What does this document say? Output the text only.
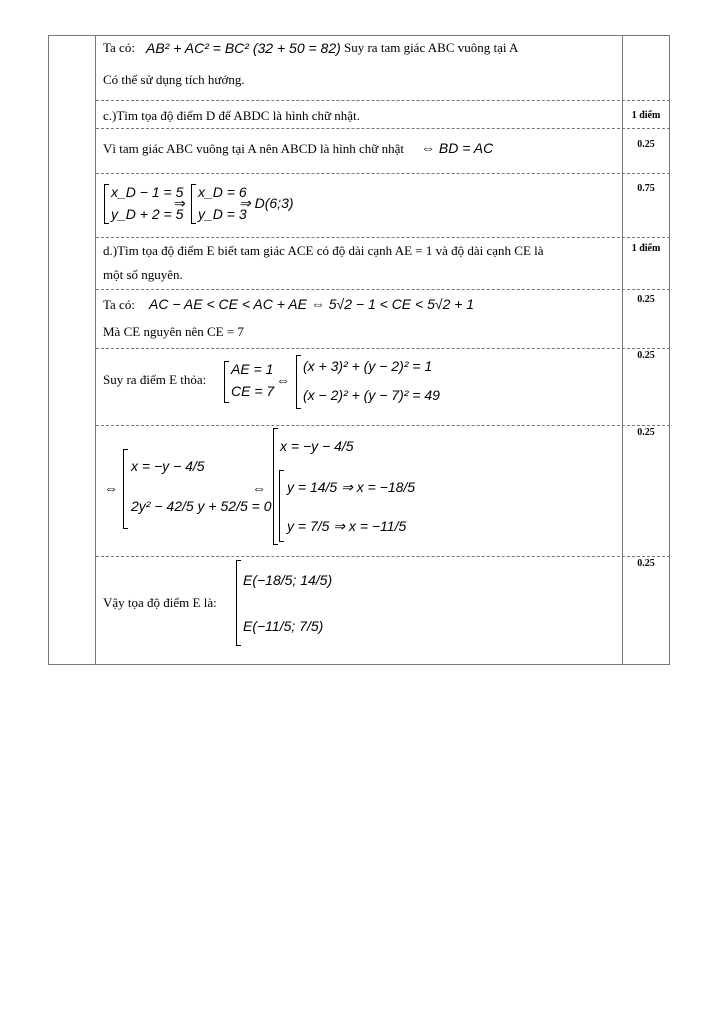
Ta có: AB² + AC² = BC² (32 + 50 = 82) Suy ra tam giác ABC vuông tại A
Có thể sử dụng tích hướng.
c.)Tìm tọa độ điểm D để ABDC là hình chữ nhật.	1 điểm
Vì tam giác ABC vuông tại A nên ABCD là hình chữ nhật ⇔ BD = AC	0.25
x_D − 1 = 5
y_D + 2 = 5
⇒
x_D = 6
y_D = 3
⇒ D(6;3)
0.75
d.)Tìm tọa độ điểm E biết tam giác ACE có độ dài cạnh AE = 1 và độ dài cạnh CE là
một số nguyên.
1 điểm
Ta có: AC − AE < CE < AC + AE ⇔ 5√2 − 1 < CE < 5√2 + 1
Mà CE nguyên nên CE = 7
0.25
Suy ra điểm E thỏa:
AE = 1
CE = 7
⇔
(x + 3)² + (y − 2)² = 1
(x − 2)² + (y − 7)² = 49
0.25
⇔
x = −y − 4/5
2y² − 42/5 y + 52/5 = 0
⇔
x = −y − 4/5
y = 14/5 ⇒ x = −18/5
y = 7/5 ⇒ x = −11/5
0.25
Vậy tọa độ điểm E là:
E(−18/5; 14/5)
E(−11/5; 7/5)
0.25
